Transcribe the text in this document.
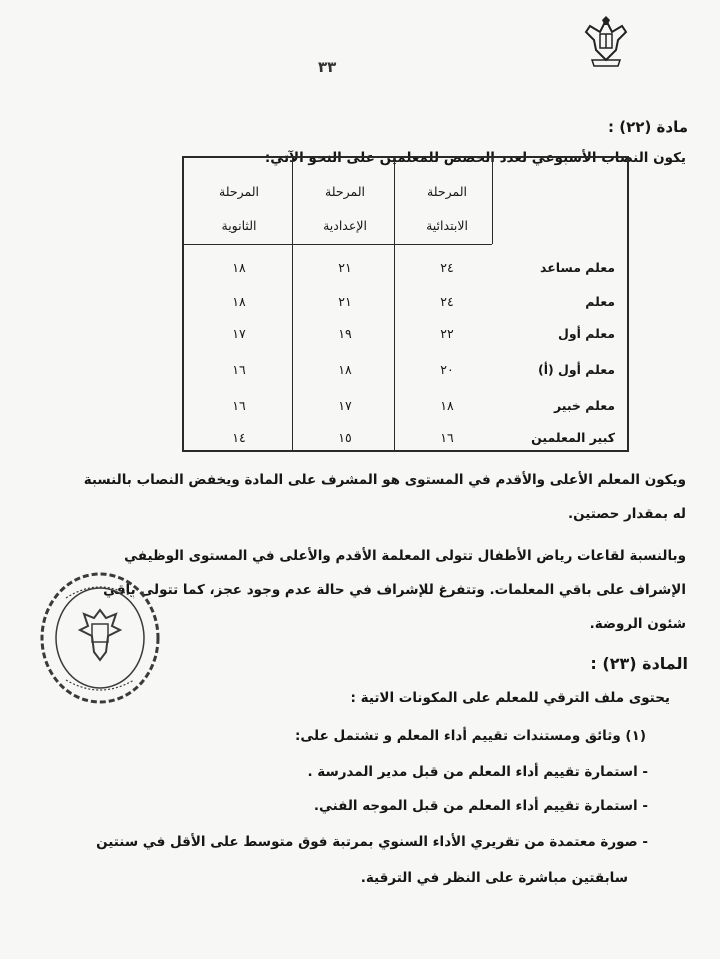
٣٣
مادة (٢٢) :
يكون النصاب الأسبوعي لعدد الحصص للمعلمين على النحو الآتي:
المرحلة
الابتدائية
المرحلة
الإعدادية
المرحلة
الثانوية
معلم مساعد
٢٤
٢١
١٨
معلم
٢٤
٢١
١٨
معلم أول
٢٢
١٩
١٧
معلم أول (أ)
٢٠
١٨
١٦
معلم خبير
١٨
١٧
١٦
كبير المعلمين
١٦
١٥
١٤
ويكون المعلم الأعلى والأقدم في المستوى هو المشرف على المادة ويخفض النصاب بالنسبة
له بمقدار حصتين.
وبالنسبة لقاعات رياض الأطفال تتولى المعلمة الأقدم والأعلى في المستوى الوظيفي
الإشراف على باقي المعلمات. وتتفرغ للإشراف في حالة عدم وجود عجز، كما تتولى باقي
شئون الروضة.
المادة (٢٣) :
يحتوى ملف الترقي للمعلم على المكونات الاتية :
(١) وثائق ومستندات تقييم أداء المعلم و تشتمل على:
- استمارة تقييم أداء المعلم من قبل مدير المدرسة .
- استمارة تقييم أداء المعلم من قبل الموجه الفني.
- صورة معتمدة من تقريري الأداء السنوي بمرتبة فوق متوسط على الأقل في سنتين
سابقتين مباشرة على النظر في الترقية.
